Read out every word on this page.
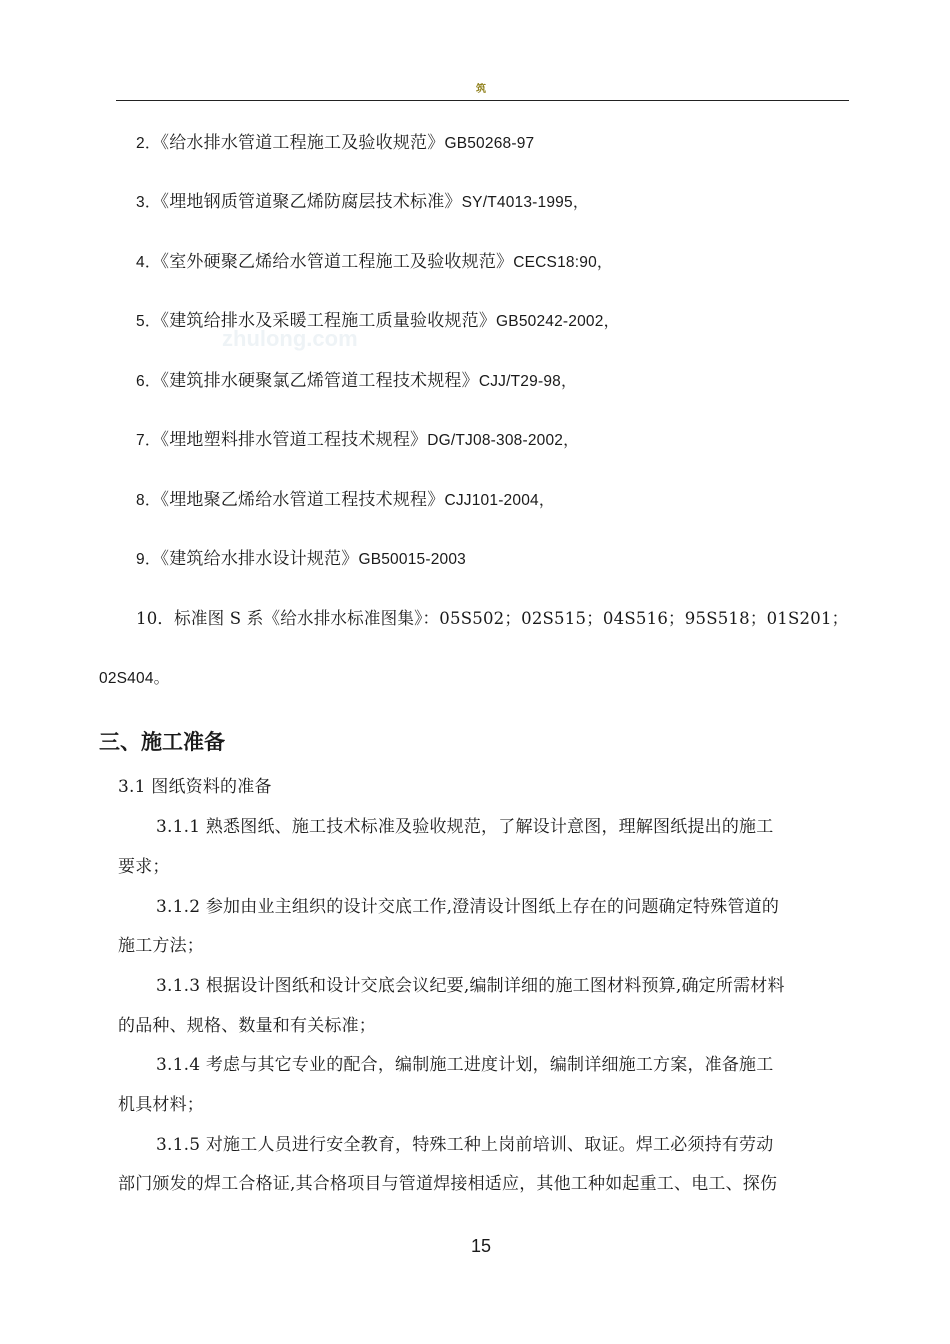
筑
zhulong.com
2．《给水排水管道工程施工及验收规范》GB50268-97
3．《埋地钢质管道聚乙烯防腐层技术标准》SY/T4013-1995，
4．《室外硬聚乙烯给水管道工程施工及验收规范》CECS18:90，
5．《建筑给排水及采暖工程施工质量验收规范》GB50242-2002，
6．《建筑排水硬聚氯乙烯管道工程技术规程》CJJ/T29-98，
7．《埋地塑料排水管道工程技术规程》DG/TJ08-308-2002，
8．《埋地聚乙烯给水管道工程技术规程》CJJ101-2004，
9．《建筑给水排水设计规范》GB50015-2003
10．标准图 S 系《给水排水标准图集》：05S502；02S515；04S516；95S518；01S201；
02S404。
三、施工准备
3.1 图纸资料的准备
3.1.1 熟悉图纸、施工技术标准及验收规范，了解设计意图，理解图纸提出的施工
要求；
3.1.2 参加由业主组织的设计交底工作,澄清设计图纸上存在的问题确定特殊管道的
施工方法；
3.1.3 根据设计图纸和设计交底会议纪要,编制详细的施工图材料预算,确定所需材料
的品种、规格、数量和有关标准；
3.1.4 考虑与其它专业的配合，编制施工进度计划，编制详细施工方案，准备施工
机具材料；
3.1.5 对施工人员进行安全教育，特殊工种上岗前培训、取证。焊工必须持有劳动
部门颁发的焊工合格证,其合格项目与管道焊接相适应，其他工种如起重工、电工、探伤
15
